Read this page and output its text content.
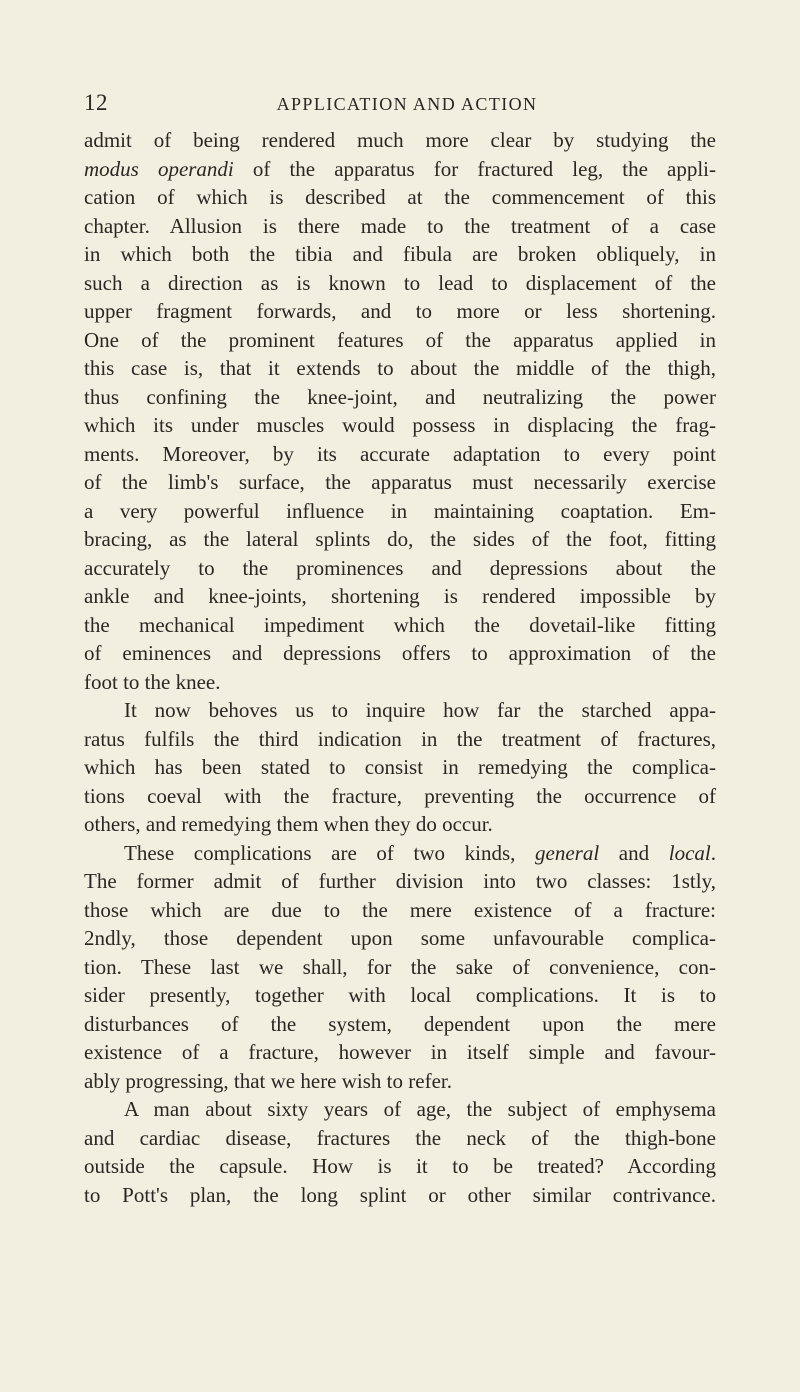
12	APPLICATION AND ACTION

admit of being rendered much more clear by studying the
modus operandi of the apparatus for fractured leg, the appli-
cation of which is described at the commencement of this
chapter. Allusion is there made to the treatment of a case
in which both the tibia and fibula are broken obliquely, in
such a direction as is known to lead to displacement of the
upper fragment forwards, and to more or less shortening.
One of the prominent features of the apparatus applied in
this case is, that it extends to about the middle of the thigh,
thus confining the knee-joint, and neutralizing the power
which its under muscles would possess in displacing the frag-
ments. Moreover, by its accurate adaptation to every point
of the limb's surface, the apparatus must necessarily exercise
a very powerful influence in maintaining coaptation. Em-
bracing, as the lateral splints do, the sides of the foot, fitting
accurately to the prominences and depressions about the
ankle and knee-joints, shortening is rendered impossible by
the mechanical impediment which the dovetail-like fitting
of eminences and depressions offers to approximation of the
foot to the knee.

It now behoves us to inquire how far the starched appa-
ratus fulfils the third indication in the treatment of fractures,
which has been stated to consist in remedying the complica-
tions coeval with the fracture, preventing the occurrence of
others, and remedying them when they do occur.

These complications are of two kinds, general and local.
The former admit of further division into two classes: 1stly,
those which are due to the mere existence of a fracture:
2ndly, those dependent upon some unfavourable complica-
tion. These last we shall, for the sake of convenience, con-
sider presently, together with local complications. It is to
disturbances of the system, dependent upon the mere
existence of a fracture, however in itself simple and favour-
ably progressing, that we here wish to refer.

A man about sixty years of age, the subject of emphysema
and cardiac disease, fractures the neck of the thigh-bone
outside the capsule. How is it to be treated? According
to Pott's plan, the long splint or other similar contrivance.
